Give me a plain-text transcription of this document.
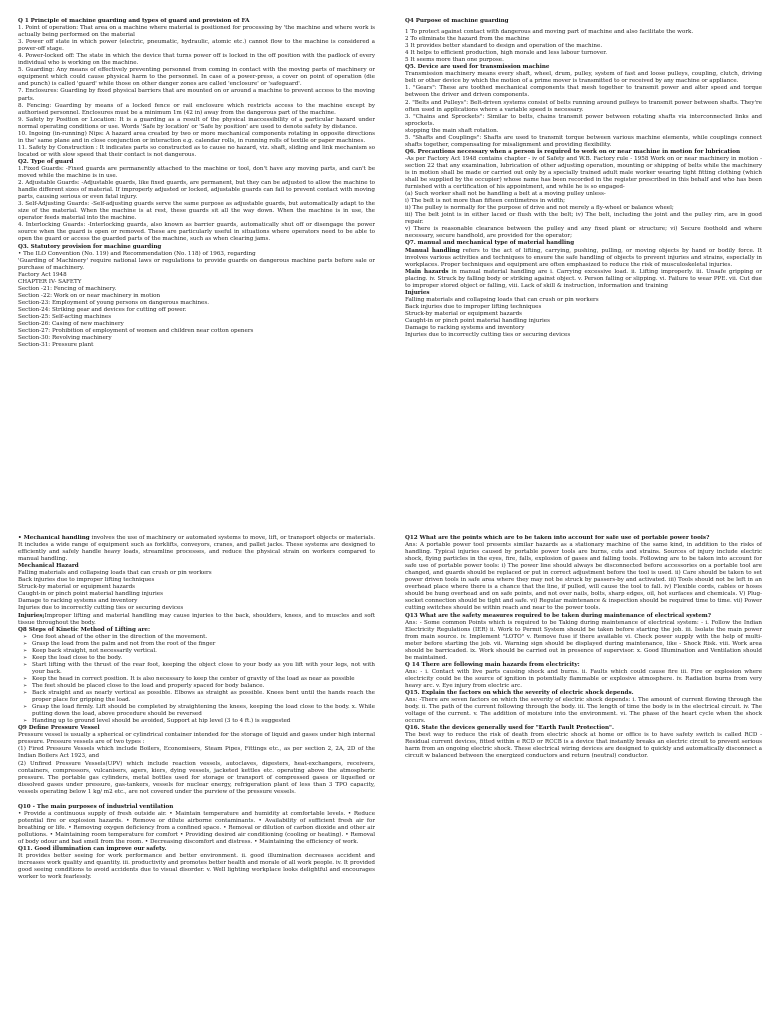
Q 1 Principle of machine guarding and types of guard and provision of FA

1. Point of operation: That area on a machine where material is positioned for processing by 'the machine and where work is actually being performed on the material

3. Power off state in which power (electric, pneumatic, hydraulic, atomic etc.) cannot flow to the machine is considered a power-off stage.

4. Power-locked off: The state in which the device that turns power off is locked in the off position with the padlock of every individual who is working on the machine.

5. Guarding: Any means of effectively preventing personnel from coming in contact with the moving parts of machinery or equipment which could cause physical harm to the personnel. In case of a power-press, a cover on point of operation (die and punch) is called 'guard' while those on other danger zones are called 'enclosure' or 'safeguard'.

7. Enclosures: Guarding by fixed physical barriers that are mounted on or around a machine to prevent access to the moving parts.

8. Fencing: Guarding by means of a locked fence or rail enclosure which restricts access to the machine except by authorised personnel. Enclosures must be a minimum 1m (42 in) away from the dangerous part of the machine.

9. Safety by Position or Location: It is a guarding as a result of the physical inaccessibility of a particular hazard under normal operating conditions or use. Words 'Safe by location' or 'Safe by position' are used to denote safety by distance.

10. Ingoing (in-running) Nips: A hazard area created by two or more mechanical components rotating in opposite directions in the' same plane and in close conjunction or interaction e.g. calendar rolls, in running rolls of textile or paper machines.

11. Safety by Construction : It indicates parts so constructed as to cause no hazard, viz. shaft, sliding and link mechanism so located or with slow speed that their contact is not dangerous.

Q2. Type of guard

1.Fixed Guards: -Fixed guards are permanently attached to the machine or tool, don't have any moving parts, and can't be moved while the machine is in use.

2. Adjustable Guards: -Adjustable guards, like fixed guards, are permanent, but they can be adjusted to allow the machine to handle different sizes of material. If improperly adjusted or locked, adjustable guards can fail to prevent contact with moving parts, causing serious or even fatal injury.

3. Self-Adjusting Guards: -Self-adjusting guards serve the same purpose as adjustable guards, but automatically adapt to the size of the material. When the machine is at rest, these guards sit all the way down. When the machine is in use, the operator feeds material into the machine.

4. Interlocking Guards: -Interlocking guards, also known as barrier guards, automatically shut off or disengage the power source when the guard is open or removed. These are particularly useful in situations where operators need to be able to open the guard or access the guarded parts of the machine, such as when clearing jams.

Q3. Statutory provision for machine guarding

• The ILO Convention (No. 119) and Recommendation (No. 118) of 1963, regarding

'Guarding of Machinery' require national laws or regulations to provide guards on dangerous machine parts before sale or purchase of machinery.

Factory Act 1948

CHAPTER IV- SAFETY

Section -21: Fencing of machinery.

Section -22: Work on or near machinery in motion

Section-23: Employment of young persons on dangerous machines.

Section-24: Striking gear and devices for cutting off power.

Section-25: Self-acting machines

Section-26: Casing of new machinery

Section-27: Prohibition of employment of women and children near cotton openers

Section-30: Revolving machinery

Section-31: Pressure plant

Q4 Purpose of machine guarding

1 To protect against contact with dangerous and moving part of machine and also facilitate the work.

2 To eliminate the hazard from the machine

3 It provides better standard to design and operation of the machine.

4 It helps to efficient production, high morale and less labour turnover.

5 It seems more than one purpose.

Q5. Device are used for transmission machine

Transmission machinery means every shaft, wheel, drum, pulley, system of fast and loose pulleys, coupling, clutch, driving belt or other device by which the motion of a prime mover is transmitted to or received by any machine or appliance.

1. "Gears": These are toothed mechanical components that mesh together to transmit power and alter speed and torque between the driver and driven components.

2. "Belts and Pulleys": Belt-driven systems consist of belts running around pulleys to transmit power between shafts. They're often used in applications where a variable speed is necessary.

3. "Chains and Sprockets": Similar to belts, chains transmit power between rotating shafts via interconnected links and sprockets.

stopping the main shaft rotation.

5. "Shafts and Couplings": Shafts are used to transmit torque between various machine elements, while couplings connect shafts together, compensating for misalignment and providing flexibility.

Q6. Precautions necessary when a person is required to work on or near machine in motion for lubrication

-As per Factory Act 1948 contains chapter - iv of Safety and W.B. Factory rule - 1958 Work on or near machinery in motion - section 22 that any examination, lubrication of other adjusting operation, mounting or shipping of belts while the machinery is in motion shall be made or carried out only by a specially trained adult male worker wearing tight fitting clothing (which shall be supplied by the occupier) whose name has been recorded in the register prescribed in this behalf and who has been furnished with a certification of his appointment, and while he is so engaged-

(a) Such worker shall not be handling a belt at a moving pulley unless-

i) The belt is not more than fifteen centimetres in width;

ii) The pulley is normally for the purpose of drive and not merely a fly-wheel or balance wheel;

iii) The belt joint is in either laced or flush with the belt; iv) The belt, including the joint and the pulley rim, are in good repair.

v) There is reasonable clearance between the pulley and any fixed plant or structure; vi) Secure foothold and where necessary, secure handhold, are provided for the operator;

Q7. manual and mechanical type of material handling

Manual handling refers to the act of lifting, carrying, pushing, pulling, or moving objects by hand or bodily force. It involves various activities and techniques to ensure the safe handling of objects to prevent injuries and strains, especially in workplaces. Proper techniques and equipment are often emphasized to reduce the risk of musculoskeletal injuries.

Main hazards in manual material handling are i. Carrying excessive load. ii. Lifting improperly. iii. Unsafe gripping or placing. iv. Struck by falling body or striking against object. v. Person falling or slipping. vi. Failure to wear PPE. vii. Cut due to improper stored object or falling, viii. Lack of skill & instruction, information and training

Injuries

Falling materials and collapsing loads that can crush or pin workers

Back injuries due to improper lifting techniques

Struck-by material or equipment hazards

Caught-in or pinch point material handling injuries

Damage to racking systems and inventory

Injuries due to incorrectly cutting ties or securing devices

• Mechanical handling involves the use of machinery or automated systems to move, lift, or transport objects or materials. It includes a wide range of equipment such as forklifts, conveyors, cranes, and pallet jacks. These systems are designed to efficiently and safely handle heavy loads, streamline processes, and reduce the physical strain on workers compared to manual handling.

Mechanical Hazard

Falling materials and collapsing loads that can crush or pin workers

Back injuries due to improper lifting techniques

Struck-by material or equipment hazards

Caught-in or pinch point material handling injuries

Damage to racking systems and inventory

Injuries due to incorrectly cutting ties or securing devices

Injuries;Improper lifting and material handling may cause injuries to the back, shoulders, knees, and to muscles and soft tissue throughout the body.

Q8 Steps of Kinetic Method of Lifting are:
➢ One foot ahead of the other in the direction of the movement.
➢ Grasp the load from the palm and not from the root of the finger
➢ Keep back straight, not necessarily vertical.
➢ Keep the load close to the body.
➢ Start lifting with the thrust of the rear foot, keeping the object close to your body as you lift with your legs, not with your back.
➢ Keep the head in correct position. It is also necessary to keep the center of gravity of the load as near as possible
➢ The feet should be placed close to the load and properly spaced for body balance.
➢ Back straight and as nearly vertical as possible. Elbows as straight as possible. Knees bent until the hands reach the proper place for gripping the load.
➢ Grasp the load firmly. Lift should be completed by straightening the knees, keeping the load close to the body. x. While putting down the load, above procedure should be reversed
➢ Handing up to ground level should be avoided, Support at hip level (3 to 4 ft.) is suggested
Q9 Define Pressure Vessel

Pressure vessel is usually a spherical or cylindrical container intended for the storage of liquid and gases under high internal pressure. Pressure vessels are of two types :

(1) Fired Pressure Vessels which include Boilers, Economisers, Steam Pipes, Fittings etc., as per section 2, 2A, 2D of the Indian Boilers Act 1923, and

(2) Unfired Pressure Vessels(UPV) which include reaction vessels, autoclaves, digesters, heat-exchangers, receivers, containers, compressors, vulcanisers, agers, kiers, dying vessels, jacketed kettles etc. operating above the atmospheric pressure. The portable gas cylinders, metal bottles used for storage or transport of compressed gases or liquefied or dissolved gases under pressure, gas-tankers, vessels for nuclear energy, refrigeration plant of less than 3 TPO capacity, vessels operating below 1 kg/ m2 etc., are not covered under the purview of the pressure vessels.

Q10 - The main purposes of industrial ventilation

• Provide a continuous supply of fresh outside air. • Maintain temperature and humidity at comfortable levels. • Reduce potential fire or explosion hazards. • Remove or dilute airborne contaminants. • Availability of sufficient fresh air for breathing or life. • Removing oxygen deficiency from a confined space. • Removal or dilution of carbon dioxide and other air pollutions. • Maintaining room temperature for comfort • Providing desired air conditioning (cooling or heating). • Removal of body odour and bad smell from the room. • Decreasing discomfort and distress. • Maintaining the efficiency of work.

Q11. Good illumination can improve our safety.

It provides better seeing for work performance and better environment. ii. good illumination decreases accident and increases work quality and quantity. iii. productivity and promotes better health and morale of all work people. iv. It provided good seeing conditions to avoid accidents due to visual disorder. v. Well lighting workplace looks delightful and encourages worker to work fearlessly.

Q12 What are the points which are to be taken into account for safe use of portable power tools?

Ans: A portable power tool presents similar hazards as a stationary machine of the same kind, in addition to the risks of handling. Typical injuries caused by portable power tools are burns, cuts and strains. Sources of injury include electric shock, flying particles in the eyes, fire, falls, explosion of gases and falling tools. Following are to be taken into account for safe use of portable power tools: i) The power line should always be disconnected before accessories on a portable tool are changed, and guards should be replaced or put in correct adjustment before the tool is used. ii) Care should be taken to set power driven tools in safe area where they may not be struck by passers-by and activated. iii) Tools should not be left in an overhead place where there is a chance that the line, if pulled, will cause the tool to fall. iv) Flexible cords, cables or hoses should be hung overhead and on safe points, and not over nails, bolts, sharp edges, oil, hot surfaces and chemicals. V) Plug- socket connection should be tight and safe. vi) Regular maintenance & inspection should be required time to time. vii) Power cutting switches should be within reach and near to the power tools.

Q13 What are the safety measures required to be taken during maintenance of electrical system?

Ans: - Some common Points which is required to be Taking during maintenance of electrical system: - i. Follow the Indian Electricity Regulations (IER) ii. Work to Permit System should be taken before starting the job. iii. Isolate the main power from main source. iv. Implement "LOTO" v. Remove fuse if there available vi. Check power supply with the help of multi-meter before starting the job. vii. Warning sign should be displayed during maintenance, like - Shock Risk. viii. Work area should be barricaded. ix. Work should be carried out in presence of supervisor. x. Good Illumination and Ventilation should be maintained.

Q 14 There are following main hazards from electricity:

Ans: - i. Contact with live parts causing shock and burns. ii. Faults which could cause fire iii. Fire or explosion where electricity could be the source of ignition in potentially flammable or explosive atmosphere. iv. Radiation burns from very heavy arc. v. Eye injury from electric arc.

Q15. Explain the factors on which the severity of electric shock depends.

Ans: -There are seven factors on which the severity of electric shock depends: i. The amount of current flowing through the body. ii. The path of the current following through the body. iii. The length of time the body is in the electrical circuit. iv. The voltage of the current. v. The addition of moisture into the environment. vi. The phase of the heart cycle when the shock occurs.

Q16. State the devices generally used for "Earth Fault Protection".

The best way to reduce the risk of death from electric shock at home or office is to have safety switch is called RCD - Residual current devices, fitted within e RCD or RCCB is a device that instantly breaks an electric circuit to prevent serious harm from an ongoing electric shock. These electrical wiring devices are designed to quickly and automatically disconnect a circuit w balanced between the energized conductors and return (neutral) conductor.
